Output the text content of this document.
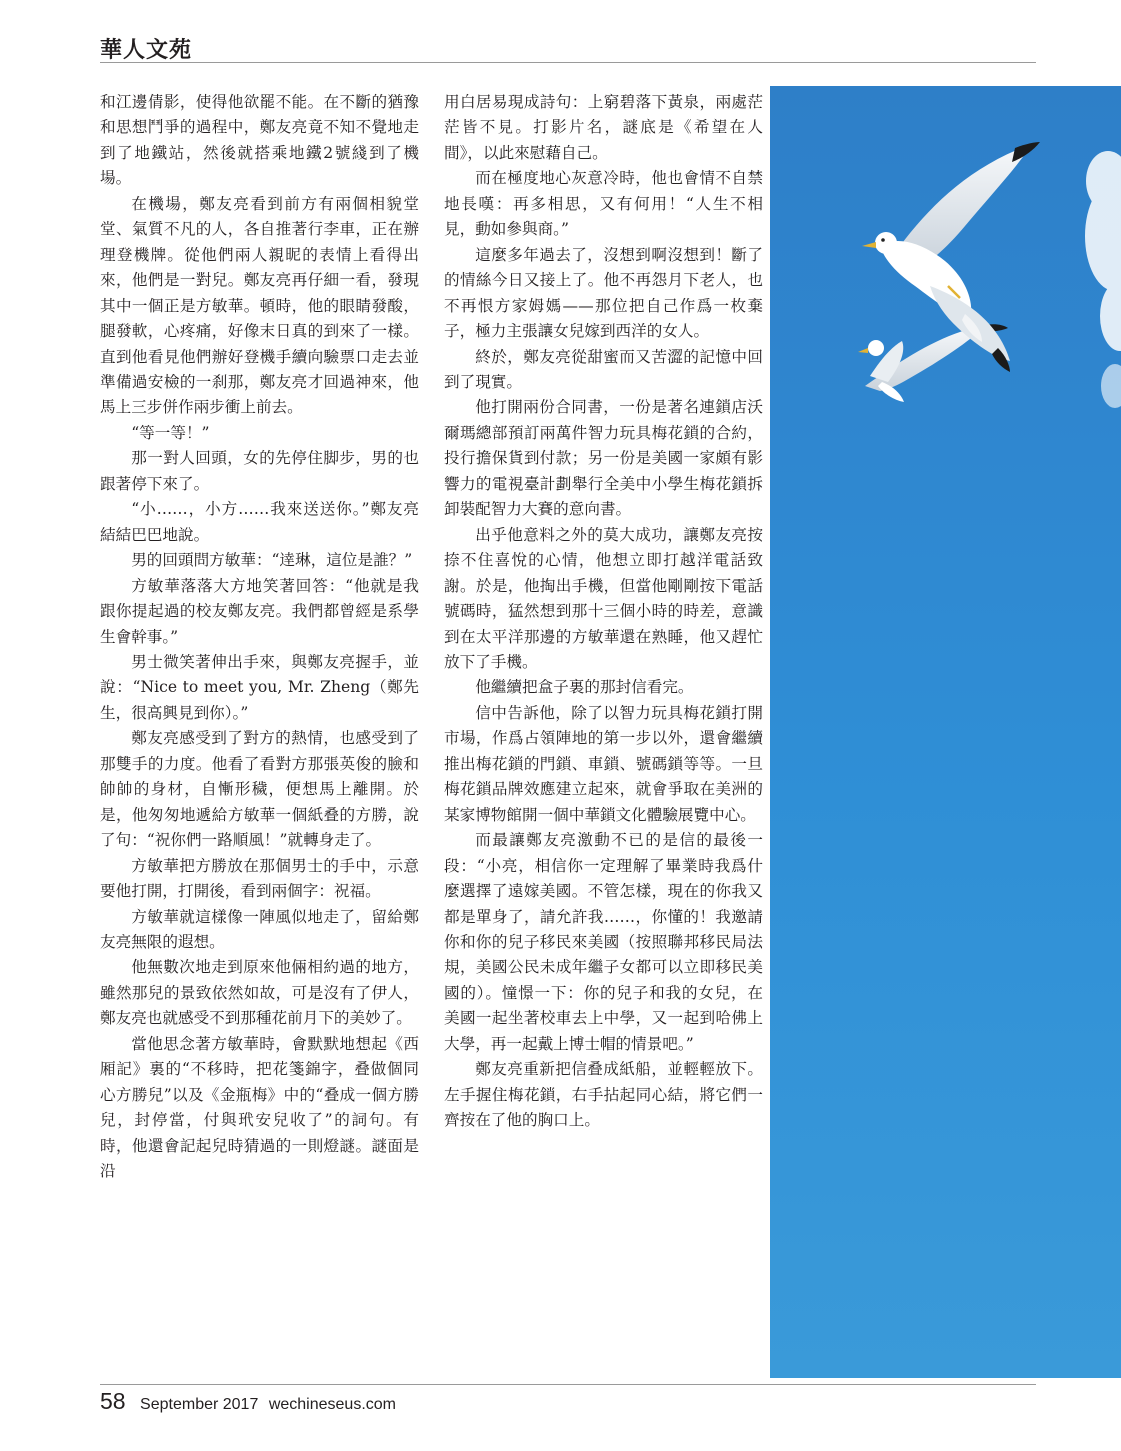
華人文苑

和江邊倩影，使得他欲罷不能。在不斷的猶豫和思想鬥爭的過程中，鄭友亮竟不知不覺地走到了地鐵站，然後就搭乘地鐵2號綫到了機場。

在機場，鄭友亮看到前方有兩個相貌堂堂、氣質不凡的人，各自推著行李車，正在辦理登機牌。從他們兩人親昵的表情上看得出來，他們是一對兒。鄭友亮再仔細一看，發現其中一個正是方敏華。頓時，他的眼睛發酸，腿發軟，心疼痛，好像末日真的到來了一樣。直到他看見他們辦好登機手續向驗票口走去並準備過安檢的一刹那，鄭友亮才回過神來，他馬上三步併作兩步衝上前去。

“等一等！”

那一對人回頭，女的先停住脚步，男的也跟著停下來了。

“小……，小方……我來送送你。”鄭友亮結結巴巴地說。

男的回頭問方敏華：“逹琳，這位是誰？”

方敏華落落大方地笑著回答：“他就是我跟你提起過的校友鄭友亮。我們都曾經是系學生會幹事。”

男士微笑著伸出手來，與鄭友亮握手，並說：“Nice to meet you, Mr. Zheng（鄭先生，很高興見到你）。”

鄭友亮感受到了對方的熱情，也感受到了那雙手的力度。他看了看對方那張英俊的臉和帥帥的身材，自慚形穢，便想馬上離開。於是，他匆匆地遞給方敏華一個紙叠的方勝，說了句：“祝你們一路順風！”就轉身走了。

方敏華把方勝放在那個男士的手中，示意要他打開，打開後，看到兩個字：祝福。

方敏華就這樣像一陣風似地走了，留給鄭友亮無限的遐想。

他無數次地走到原來他倆相約過的地方，雖然那兒的景致依然如故，可是沒有了伊人，鄭友亮也就感受不到那種花前月下的美妙了。

當他思念著方敏華時，會默默地想起《西厢記》裏的“不移時，把花箋錦字，叠做個同心方勝兒”以及《金瓶梅》中的“叠成一個方勝兒，封停當，付與玳安兒收了”的詞句。有時，他還會記起兒時猜過的一則燈謎。謎面是沿

用白居易現成詩句：上窮碧落下黃泉，兩處茫茫皆不見。打影片名，謎底是《希望在人間》，以此來慰藉自己。

而在極度地心灰意冷時，他也會情不自禁地長嘆：再多相思，又有何用！“人生不相見，動如參與商。”

這麼多年過去了，沒想到啊沒想到！斷了的情絲今日又接上了。他不再怨月下老人，也不再恨方家姆媽——那位把自己作爲一枚棄子，極力主張讓女兒嫁到西洋的女人。

終於，鄭友亮從甜蜜而又苦澀的記憶中回到了現實。

他打開兩份合同書，一份是著名連鎖店沃爾瑪總部預訂兩萬件智力玩具梅花鎖的合約，投行擔保貨到付款；另一份是美國一家頗有影響力的電視臺計劃舉行全美中小學生梅花鎖拆卸裝配智力大賽的意向書。

出乎他意料之外的莫大成功，讓鄭友亮按捺不住喜悅的心情，他想立即打越洋電話致謝。於是，他掏出手機，但當他剛剛按下電話號碼時，猛然想到那十三個小時的時差，意識到在太平洋那邊的方敏華還在熟睡，他又趕忙放下了手機。

他繼續把盒子裏的那封信看完。

信中告訴他，除了以智力玩具梅花鎖打開市場，作爲占領陣地的第一步以外，還會繼續推出梅花鎖的門鎖、車鎖、號碼鎖等等。一旦梅花鎖品牌效應建立起來，就會爭取在美洲的某家博物館開一個中華鎖文化體驗展覽中心。

而最讓鄭友亮激動不已的是信的最後一段：“小亮，相信你一定理解了畢業時我爲什麼選擇了遠嫁美國。不管怎樣，現在的你我又都是單身了，請允許我……，你懂的！我邀請你和你的兒子移民來美國（按照聯邦移民局法規，美國公民未成年繼子女都可以立即移民美國的）。憧憬一下：你的兒子和我的女兒，在美國一起坐著校車去上中學，又一起到哈佛上大學，再一起戴上博士帽的情景吧。”

鄭友亮重新把信叠成紙船，並輕輕放下。左手握住梅花鎖，右手拈起同心結，將它們一齊按在了他的胸口上。

58 September 2017 wechineseus.com
